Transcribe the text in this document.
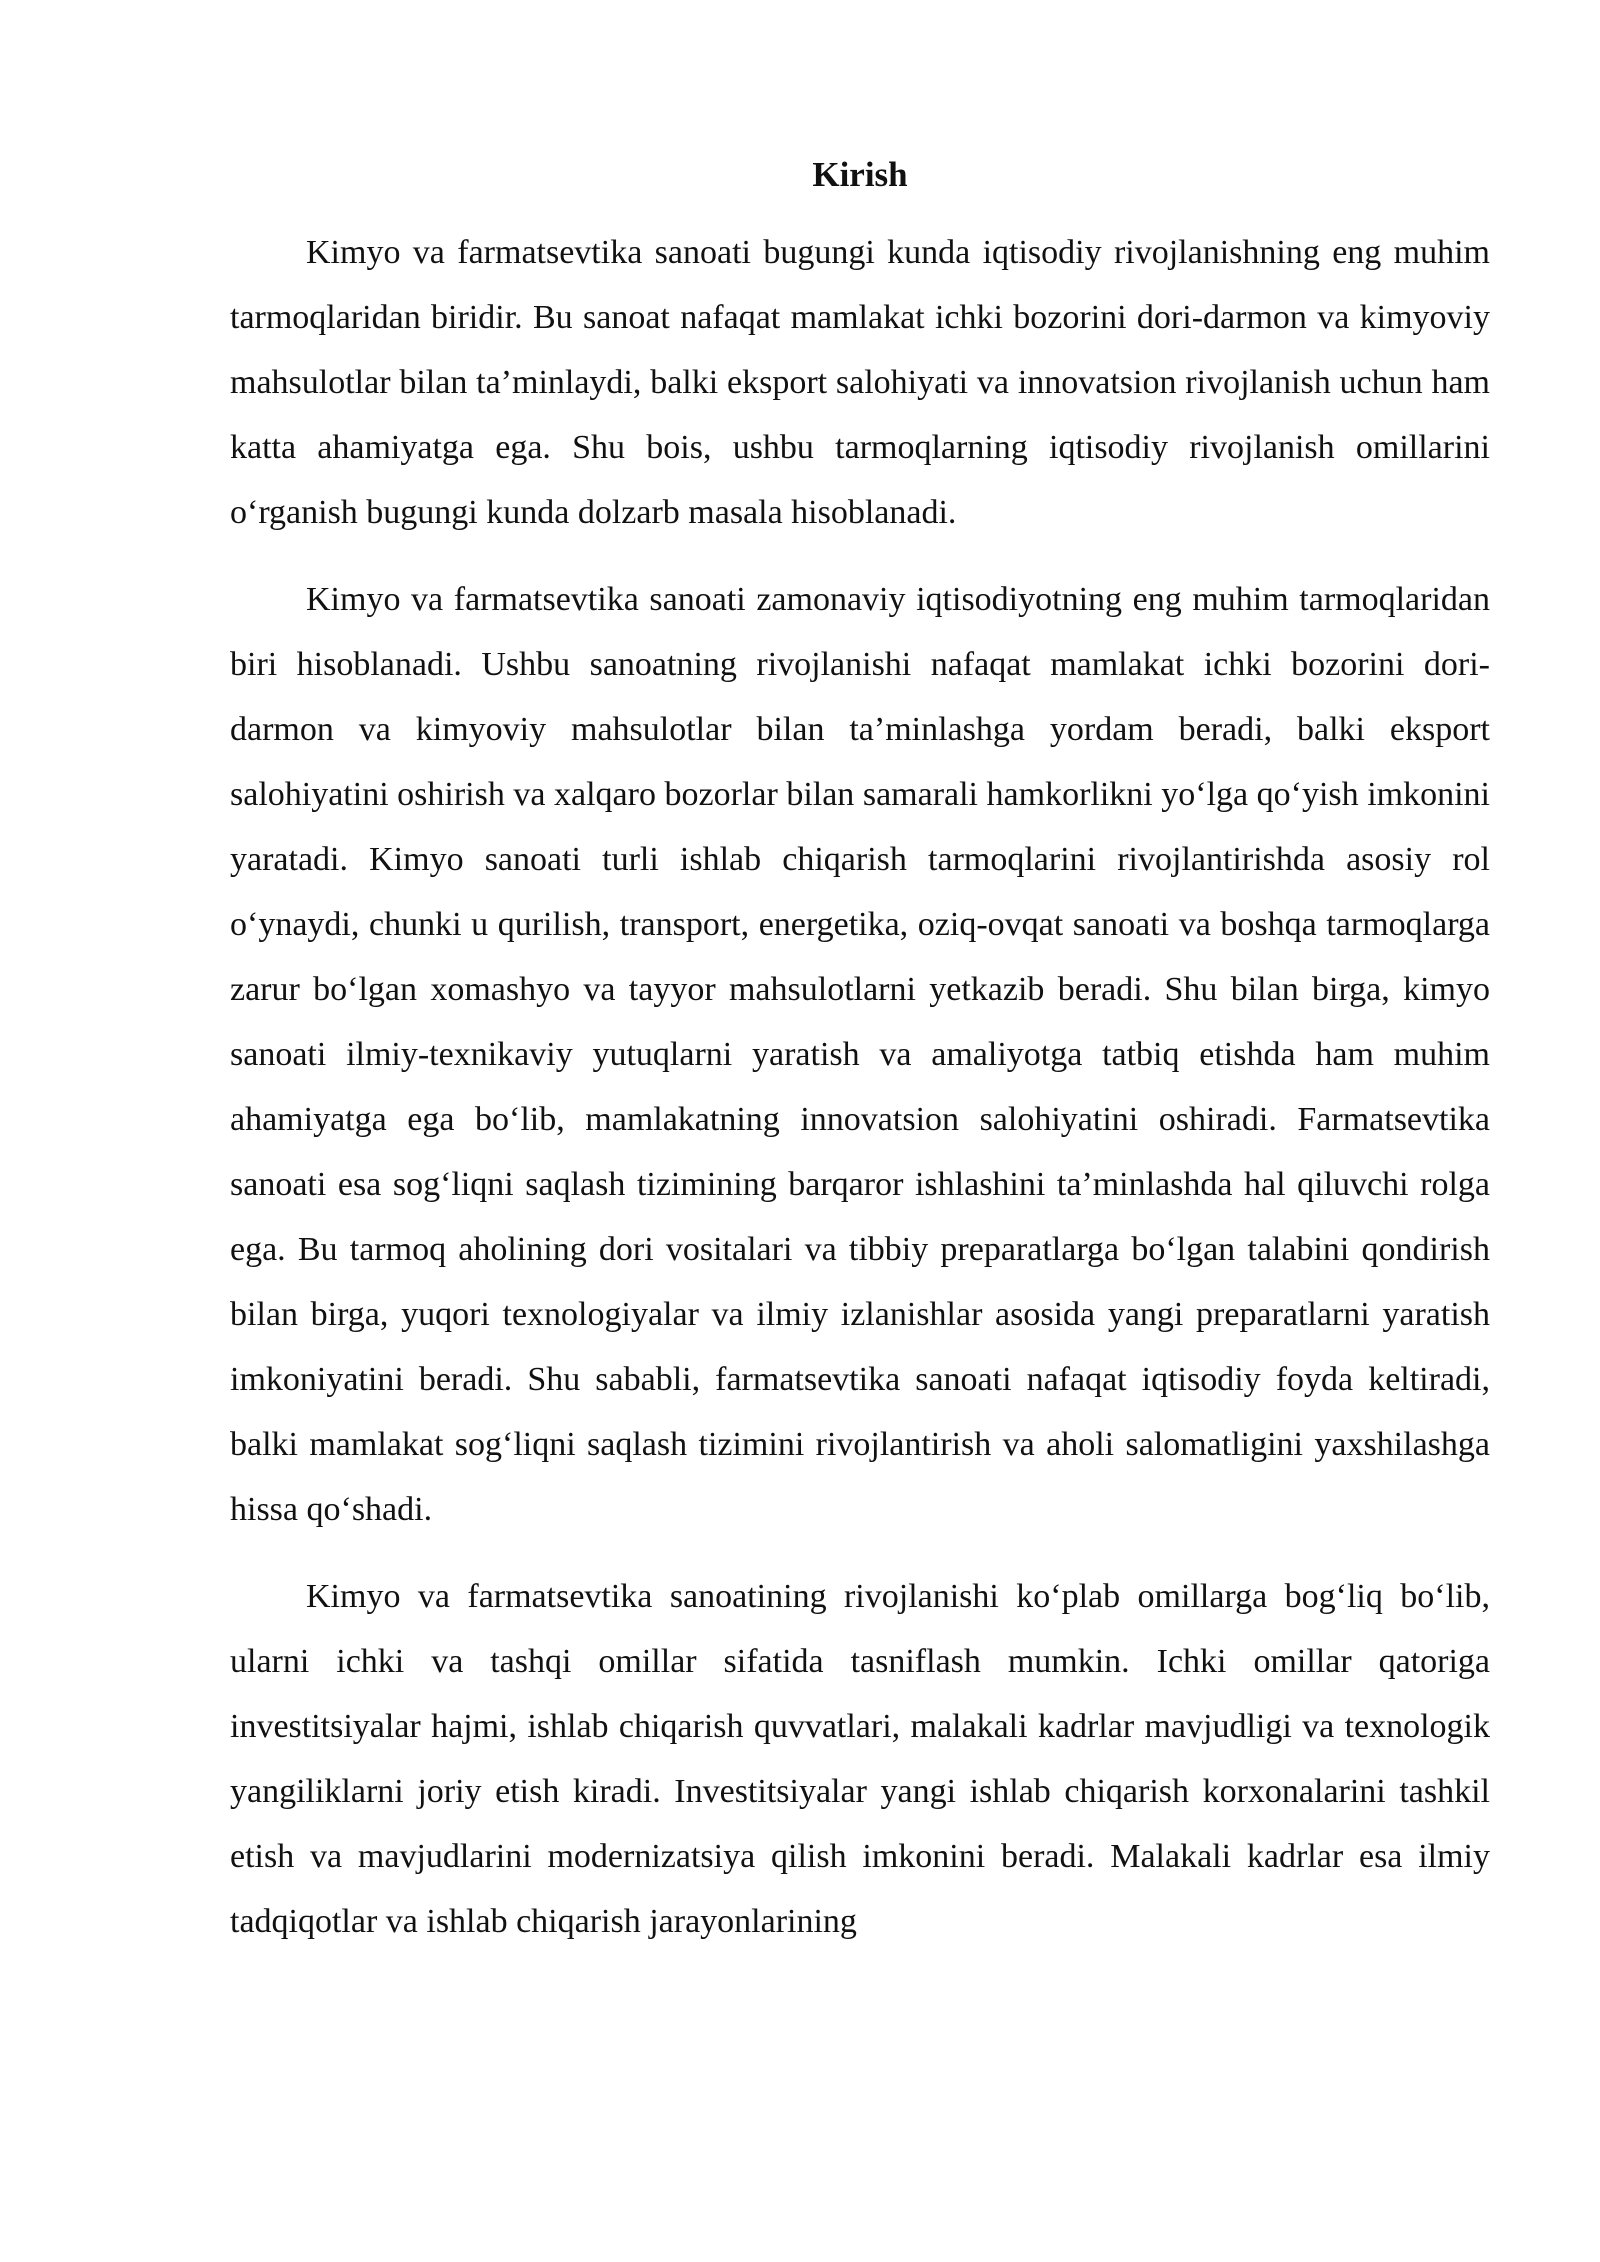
Kirish

Kimyo va farmatsevtika sanoati bugungi kunda iqtisodiy rivojlanishning eng muhim tarmoqlaridan biridir. Bu sanoat nafaqat mamlakat ichki bozorini dori-darmon va kimyoviy mahsulotlar bilan ta’minlaydi, balki eksport salohiyati va innovatsion rivojlanish uchun ham katta ahamiyatga ega. Shu bois, ushbu tarmoqlarning iqtisodiy rivojlanish omillarini o‘rganish bugungi kunda dolzarb masala hisoblanadi.

Kimyo va farmatsevtika sanoati zamonaviy iqtisodiyotning eng muhim tarmoqlaridan biri hisoblanadi. Ushbu sanoatning rivojlanishi nafaqat mamlakat ichki bozorini dori-darmon va kimyoviy mahsulotlar bilan ta’minlashga yordam beradi, balki eksport salohiyatini oshirish va xalqaro bozorlar bilan samarali hamkorlikni yo‘lga qo‘yish imkonini yaratadi. Kimyo sanoati turli ishlab chiqarish tarmoqlarini rivojlantirishda asosiy rol o‘ynaydi, chunki u qurilish, transport, energetika, oziq-ovqat sanoati va boshqa tarmoqlarga zarur bo‘lgan xomashyo va tayyor mahsulotlarni yetkazib beradi. Shu bilan birga, kimyo sanoati ilmiy-texnikaviy yutuqlarni yaratish va amaliyotga tatbiq etishda ham muhim ahamiyatga ega bo‘lib, mamlakatning innovatsion salohiyatini oshiradi. Farmatsevtika sanoati esa sog‘liqni saqlash tizimining barqaror ishlashini ta’minlashda hal qiluvchi rolga ega. Bu tarmoq aholining dori vositalari va tibbiy preparatlarga bo‘lgan talabini qondirish bilan birga, yuqori texnologiyalar va ilmiy izlanishlar asosida yangi preparatlarni yaratish imkoniyatini beradi. Shu sababli, farmatsevtika sanoati nafaqat iqtisodiy foyda keltiradi, balki mamlakat sog‘liqni saqlash tizimini rivojlantirish va aholi salomatligini yaxshilashga hissa qo‘shadi.

Kimyo va farmatsevtika sanoatining rivojlanishi ko‘plab omillarga bog‘liq bo‘lib, ularni ichki va tashqi omillar sifatida tasniflash mumkin. Ichki omillar qatoriga investitsiyalar hajmi, ishlab chiqarish quvvatlari, malakali kadrlar mavjudligi va texnologik yangiliklarni joriy etish kiradi. Investitsiyalar yangi ishlab chiqarish korxonalarini tashkil etish va mavjudlarini modernizatsiya qilish imkonini beradi. Malakali kadrlar esa ilmiy tadqiqotlar va ishlab chiqarish jarayonlarining
